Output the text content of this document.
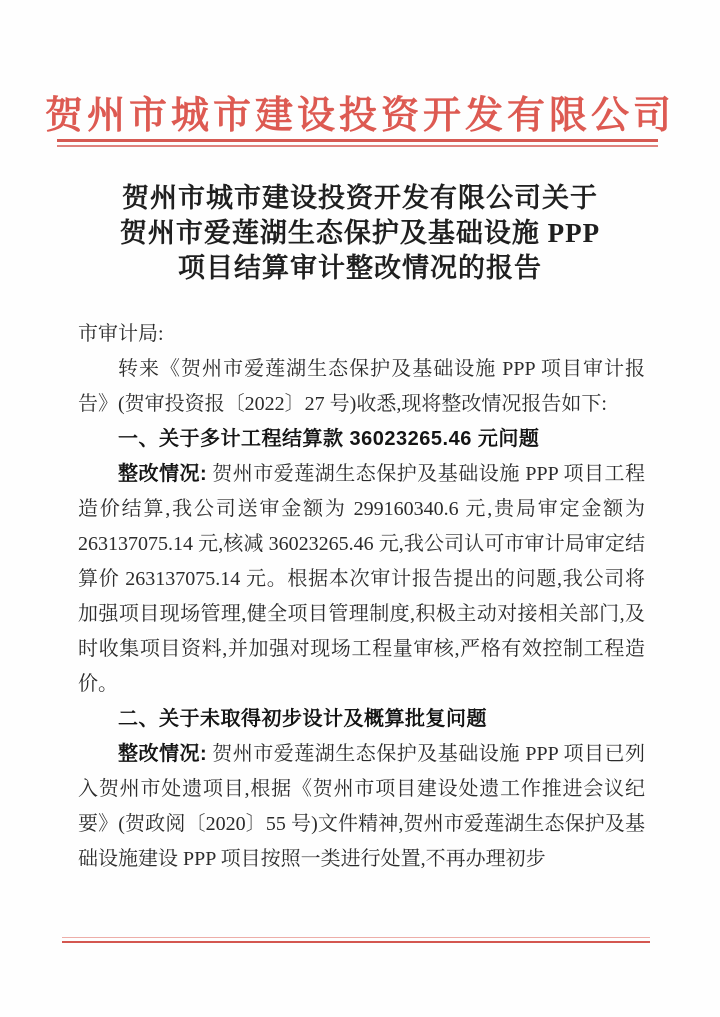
贺州市城市建设投资开发有限公司
贺州市城市建设投资开发有限公司关于
贺州市爱莲湖生态保护及基础设施 PPP
项目结算审计整改情况的报告

市审计局:

转来《贺州市爱莲湖生态保护及基础设施 PPP 项目审计报告》(贺审投资报〔2022〕27 号)收悉,现将整改情况报告如下:

一、关于多计工程结算款 36023265.46 元问题

整改情况: 贺州市爱莲湖生态保护及基础设施 PPP 项目工程造价结算,我公司送审金额为 299160340.6 元,贵局审定金额为 263137075.14 元,核减 36023265.46 元,我公司认可市审计局审定结算价 263137075.14 元。根据本次审计报告提出的问题,我公司将加强项目现场管理,健全项目管理制度,积极主动对接相关部门,及时收集项目资料,并加强对现场工程量审核,严格有效控制工程造价。

二、关于未取得初步设计及概算批复问题

整改情况: 贺州市爱莲湖生态保护及基础设施 PPP 项目已列入贺州市处遗项目,根据《贺州市项目建设处遗工作推进会议纪要》(贺政阅〔2020〕55 号)文件精神,贺州市爱莲湖生态保护及基础设施建设 PPP 项目按照一类进行处置,不再办理初步
